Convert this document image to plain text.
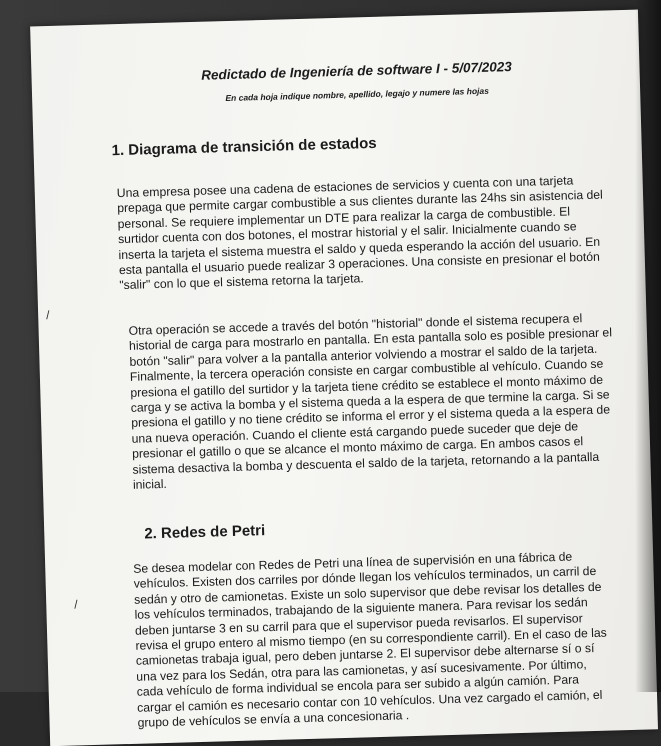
Redictado de Ingeniería de software I - 5/07/2023
En cada hoja indique nombre, apellido, legajo y numere las hojas
1. Diagrama de transición de estados

Una empresa posee una cadena de estaciones de servicios y cuenta con una tarjeta prepaga que permite cargar combustible a sus clientes durante las 24hs sin asistencia del personal. Se requiere implementar un DTE para realizar la carga de combustible. El surtidor cuenta con dos botones, el mostrar historial y el salir. Inicialmente cuando se inserta la tarjeta el sistema muestra el saldo y queda esperando la acción del usuario. En esta pantalla el usuario puede realizar 3 operaciones. Una consiste en presionar el botón "salir" con lo que el sistema retorna la tarjeta.

Otra operación se accede a través del botón "historial" donde el sistema recupera el historial de carga para mostrarlo en pantalla. En esta pantalla solo es posible presionar el botón "salir" para volver a la pantalla anterior volviendo a mostrar el saldo de la tarjeta. Finalmente, la tercera operación consiste en cargar combustible al vehículo. Cuando se presiona el gatillo del surtidor y la tarjeta tiene crédito se establece el monto máximo de carga y se activa la bomba y el sistema queda a la espera de que termine la carga. Si se presiona el gatillo y no tiene crédito se informa el error y el sistema queda a la espera de una nueva operación. Cuando el cliente está cargando puede suceder que deje de presionar el gatillo o que se alcance el monto máximo de carga. En ambos casos el sistema desactiva la bomba y descuenta el saldo de la tarjeta, retornando a la pantalla inicial.

2. Redes de Petri

Se desea modelar con Redes de Petri una línea de supervisión en una fábrica de vehículos. Existen dos carriles por dónde llegan los vehículos terminados, un carril de sedán y otro de camionetas. Existe un solo supervisor que debe revisar los detalles de los vehículos terminados, trabajando de la siguiente manera. Para revisar los sedán deben juntarse 3 en su carril para que el supervisor pueda revisarlos. El supervisor revisa el grupo entero al mismo tiempo (en su correspondiente carril). En el caso de las camionetas trabaja igual, pero deben juntarse 2. El supervisor debe alternarse sí o sí una vez para los Sedán, otra para las camionetas, y así sucesivamente. Por último, cada vehículo de forma individual se encola para ser subido a algún camión. Para cargar el camión es necesario contar con 10 vehículos. Una vez cargado el camión, el grupo de vehículos se envía a una concesionaria .

/
/
